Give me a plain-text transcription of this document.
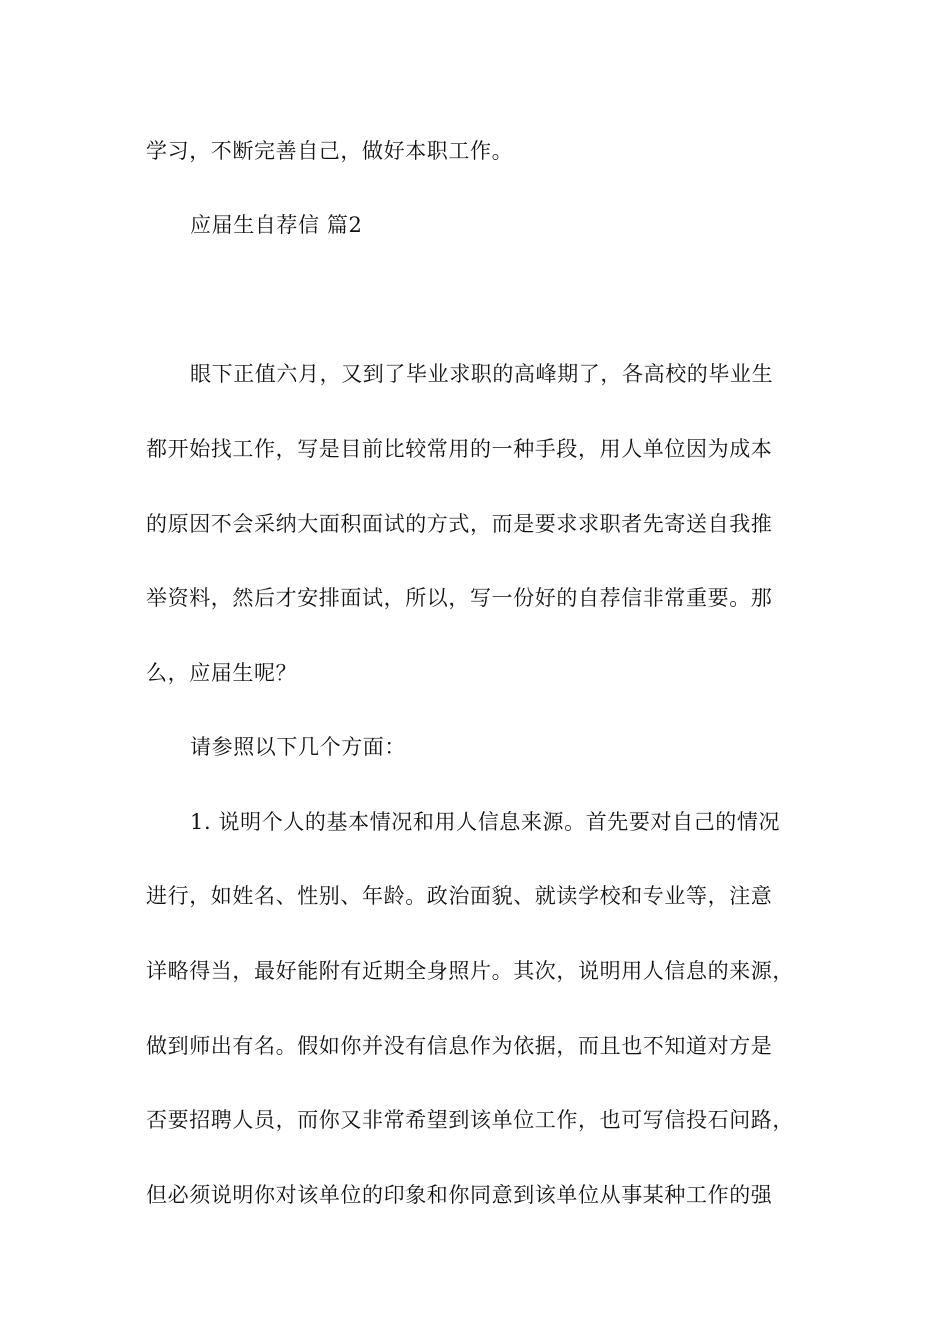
学习，不断完善自己，做好本职工作。
应届生自荐信 篇2
眼下正值六月，又到了毕业求职的高峰期了，各高校的毕业生
都开始找工作，写是目前比较常用的一种手段，用人单位因为成本
的原因不会采纳大面积面试的方式，而是要求求职者先寄送自我推
举资料，然后才安排面试，所以，写一份好的自荐信非常重要。那
么，应届生呢？
请参照以下几个方面：
1. 说明个人的基本情况和用人信息来源。首先要对自己的情况
进行，如姓名、性别、年龄。政治面貌、就读学校和专业等，注意
详略得当，最好能附有近期全身照片。其次，说明用人信息的来源，
做到师出有名。假如你并没有信息作为依据，而且也不知道对方是
否要招聘人员，而你又非常希望到该单位工作，也可写信投石问路，
但必须说明你对该单位的印象和你同意到该单位从事某种工作的强
